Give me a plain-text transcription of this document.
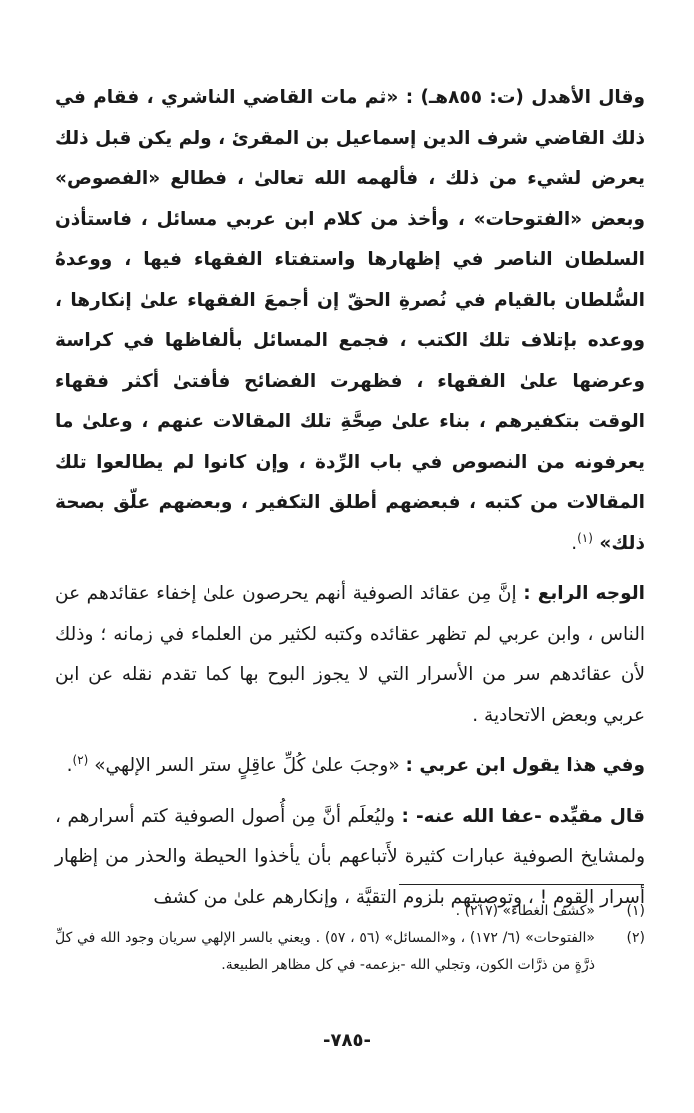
وقال الأهدل (ت: ٨٥٥هـ) : «ثم مات القاضي الناشري ، فقام في ذلك القاضي شرف الدين إسماعيل بن المقرئ ، ولم يكن قبل ذلك يعرض لشيء من ذلك ، فألهمه الله تعالىٰ ، فطالع «الفصوص» وبعض «الفتوحات» ، وأخذ من كلام ابن عربي مسائل ، فاستأذن السلطان الناصر في إظهارها واستفتاء الفقهاء فيها ، ووعدهُ السُّلطان بالقيام في نُصرةِ الحقّ إن أجمعَ الفقهاء علىٰ إنكارها ، ووعده بإتلاف تلك الكتب ، فجمع المسائل بألفاظها في كراسة وعرضها علىٰ الفقهاء ، فظهرت الفضائح فأفتىٰ أكثر فقهاء الوقت بتكفيرهم ، بناء علىٰ صِحَّةِ تلك المقالات عنهم ، وعلىٰ ما يعرفونه من النصوص في باب الرِّدة ، وإن كانوا لم يطالعوا تلك المقالات من كتبه ، فبعضهم أطلق التكفير ، وبعضهم علّق بصحة ذلك» $^{(١)}$.

الوجه الرابع : إنَّ مِن عقائد الصوفية أنهم يحرصون علىٰ إخفاء عقائدهم عن الناس ، وابن عربي لم تظهر عقائده وكتبه لكثير من العلماء في زمانه ؛ وذلك لأن عقائدهم سر من الأسرار التي لا يجوز البوح بها كما تقدم نقله عن ابن عربي وبعض الاتحادية .

وفي هذا يقول ابن عربي : «وجبَ علىٰ كُلِّ عاقِلٍ ستر السر الإلهي» $^{(٢)}$.

قال مقيِّده -عفا الله عنه- : وليُعلَم أنَّ مِن أُصول الصوفية كتم أسرارهم ، ولمشايخ الصوفية عبارات كثيرة لأَتباعهم بأن يأخذوا الحيطة والحذر من إظهار أسرار القوم ! ، وتوصيتهم بلزوم التقيَّة ، وإنكارهم علىٰ من كشف

(١)
«كشف الغطاء» (٢١٧) .
(٢)
«الفتوحات» (٦/ ١٧٢) ، و«المسائل» (٥٦ ، ٥٧) . ويعني بالسر الإلهي سريان وجود الله في كلِّ ذرَّةٍ من ذرَّات الكون، وتجلي الله -بزعمه- في كل مظاهر الطبيعة.
-٧٨٥-
